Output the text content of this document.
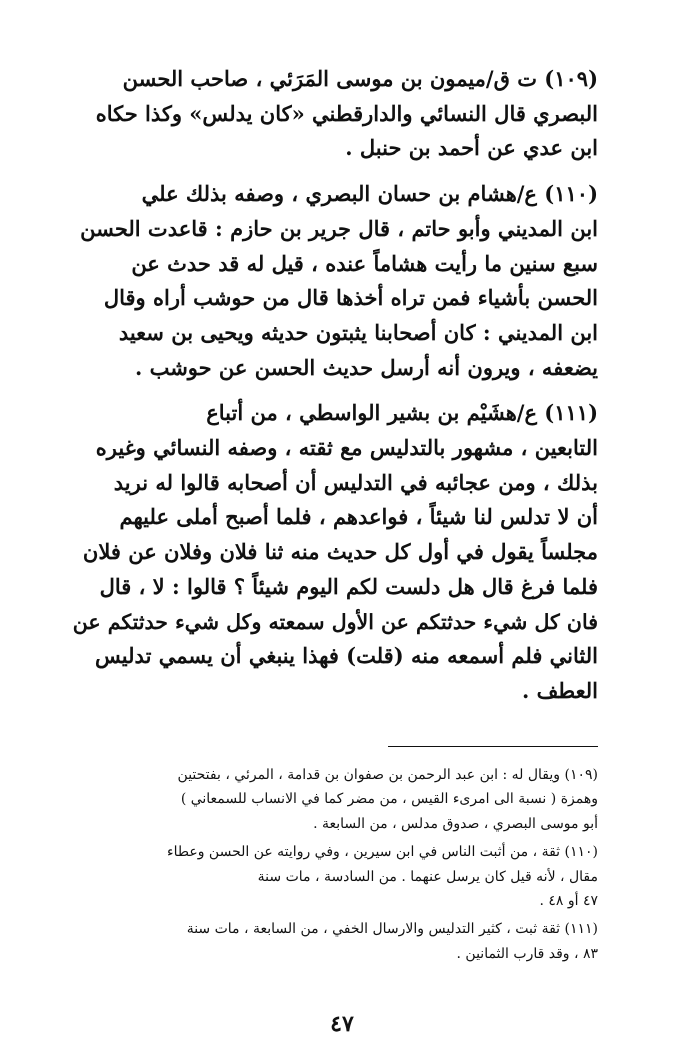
(١٠٩) ت ق/ميمون بن موسى المَرَئي ، صاحب الحسن

البصري قال النسائي والدارقطني «كان يدلس» وكذا حكاه

ابن عدي عن أحمد بن حنبل .

(١١٠) ع/هشام بن حسان البصري ، وصفه بذلك علي

ابن المديني وأبو حاتم ، قال جرير بن حازم : قاعدت الحسن

سبع سنين ما رأيت هشاماً عنده ، قيل له قد حدث عن

الحسن بأشياء فمن تراه أخذها قال من حوشب أراه وقال

ابن المديني : كان أصحابنا يثبتون حديثه ويحيى بن سعيد

يضعفه ، ويرون أنه أرسل حديث الحسن عن حوشب .

(١١١) ع/هشَيْم بن بشير الواسطي ، من أتباع

التابعين ، مشهور بالتدليس مع ثقته ، وصفه النسائي وغيره

بذلك ، ومن عجائبه في التدليس أن أصحابه قالوا له نريد

أن لا تدلس لنا شيئاً ، فواعدهم ، فلما أصبح أملى عليهم

مجلساً يقول في أول كل حديث منه ثنا فلان وفلان عن فلان

فلما فرغ قال هل دلست لكم اليوم شيئاً ؟ قالوا : لا ، قال

فان كل شيء حدثتكم عن الأول سمعته وكل شيء حدثتكم عن

الثاني فلم أسمعه منه (قلت) فهذا ينبغي أن يسمي تدليس

العطف .

(١٠٩) ويقال له : ابن عبد الرحمن بن صفوان بن قدامة ، المرئي ، بفتحتين

وهمزة ( نسبة الى امرىء القيس ، من مضر كما في الانساب للسمعاني )

أبو موسى البصري ، صدوق مدلس ، من السابعة .

(١١٠) ثقة ، من أثبت الناس في ابن سيرين ، وفي روايته عن الحسن وعطاء

مقال ، لأنه قيل كان يرسل عنهما . من السادسة ، مات سنة

٤٧ أو ٤٨ .

(١١١) ثقة ثبت ، كثير التدليس والارسال الخفي ، من السابعة ، مات سنة

٨٣ ، وقد قارب الثمانين .

٤٧
